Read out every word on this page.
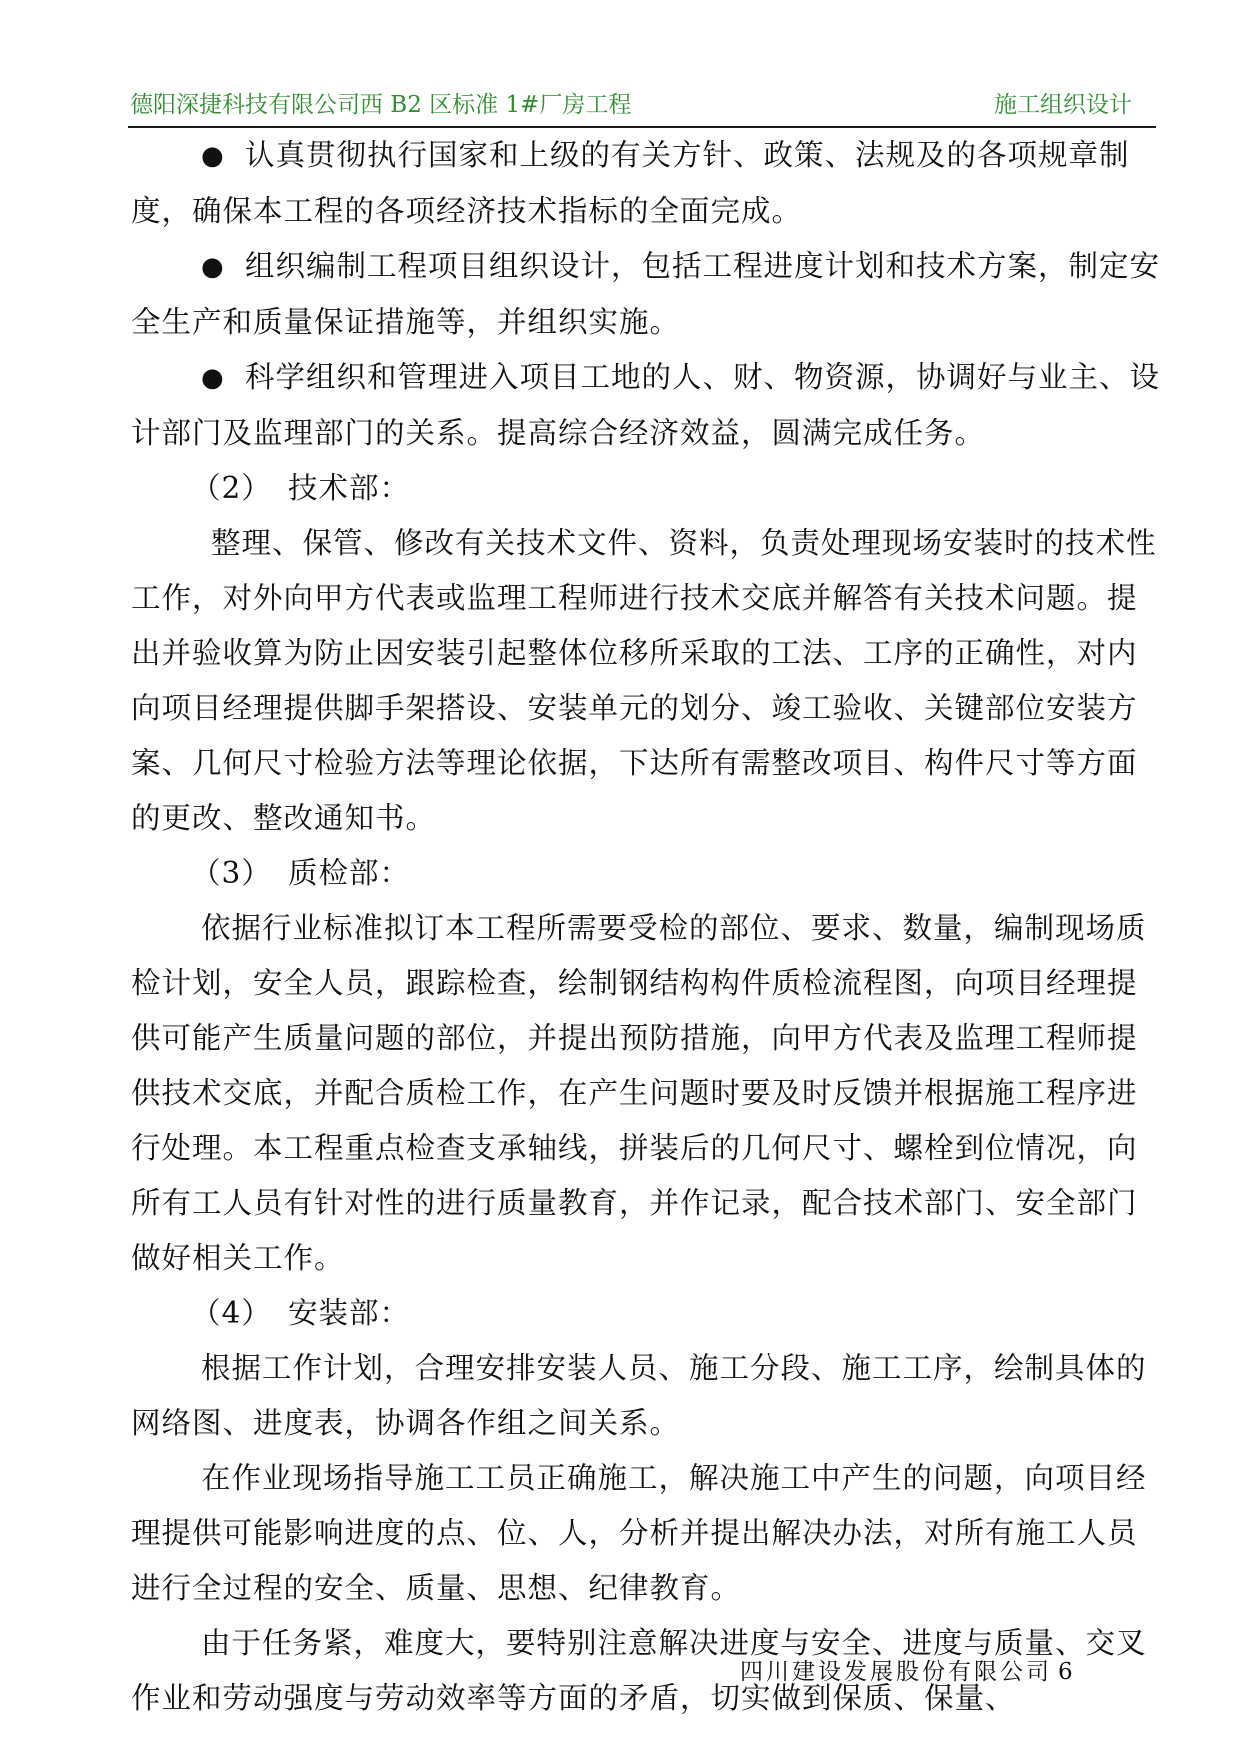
德阳深捷科技有限公司西 B2 区标准 1#厂房工程	施工组织设计

● 认真贯彻执行国家和上级的有关方针、政策、法规及的各项规章制度，确保本工程的各项经济技术指标的全面完成。

● 组织编制工程项目组织设计，包括工程进度计划和技术方案，制定安全生产和质量保证措施等，并组织实施。

● 科学组织和管理进入项目工地的人、财、物资源，协调好与业主、设计部门及监理部门的关系。提高综合经济效益，圆满完成任务。

（2） 技术部：

整理、保管、修改有关技术文件、资料，负责处理现场安装时的技术性工作，对外向甲方代表或监理工程师进行技术交底并解答有关技术问题。提出并验收算为防止因安装引起整体位移所采取的工法、工序的正确性，对内向项目经理提供脚手架搭设、安装单元的划分、竣工验收、关键部位安装方案、几何尺寸检验方法等理论依据，下达所有需整改项目、构件尺寸等方面的更改、整改通知书。

（3） 质检部：

依据行业标准拟订本工程所需要受检的部位、要求、数量，编制现场质检计划，安全人员，跟踪检查，绘制钢结构构件质检流程图，向项目经理提供可能产生质量问题的部位，并提出预防措施，向甲方代表及监理工程师提供技术交底，并配合质检工作，在产生问题时要及时反馈并根据施工程序进行处理。本工程重点检查支承轴线，拼装后的几何尺寸、螺栓到位情况，向所有工人员有针对性的进行质量教育，并作记录，配合技术部门、安全部门做好相关工作。

（4） 安装部：

根据工作计划，合理安排安装人员、施工分段、施工工序，绘制具体的网络图、进度表，协调各作组之间关系。

在作业现场指导施工工员正确施工，解决施工中产生的问题，向项目经理提供可能影响进度的点、位、人，分析并提出解决办法，对所有施工人员进行全过程的安全、质量、思想、纪律教育。

由于任务紧，难度大，要特别注意解决进度与安全、进度与质量、交叉作业和劳动强度与劳动效率等方面的矛盾，切实做到保质、保量、

四川建设发展股份有限公司 6
